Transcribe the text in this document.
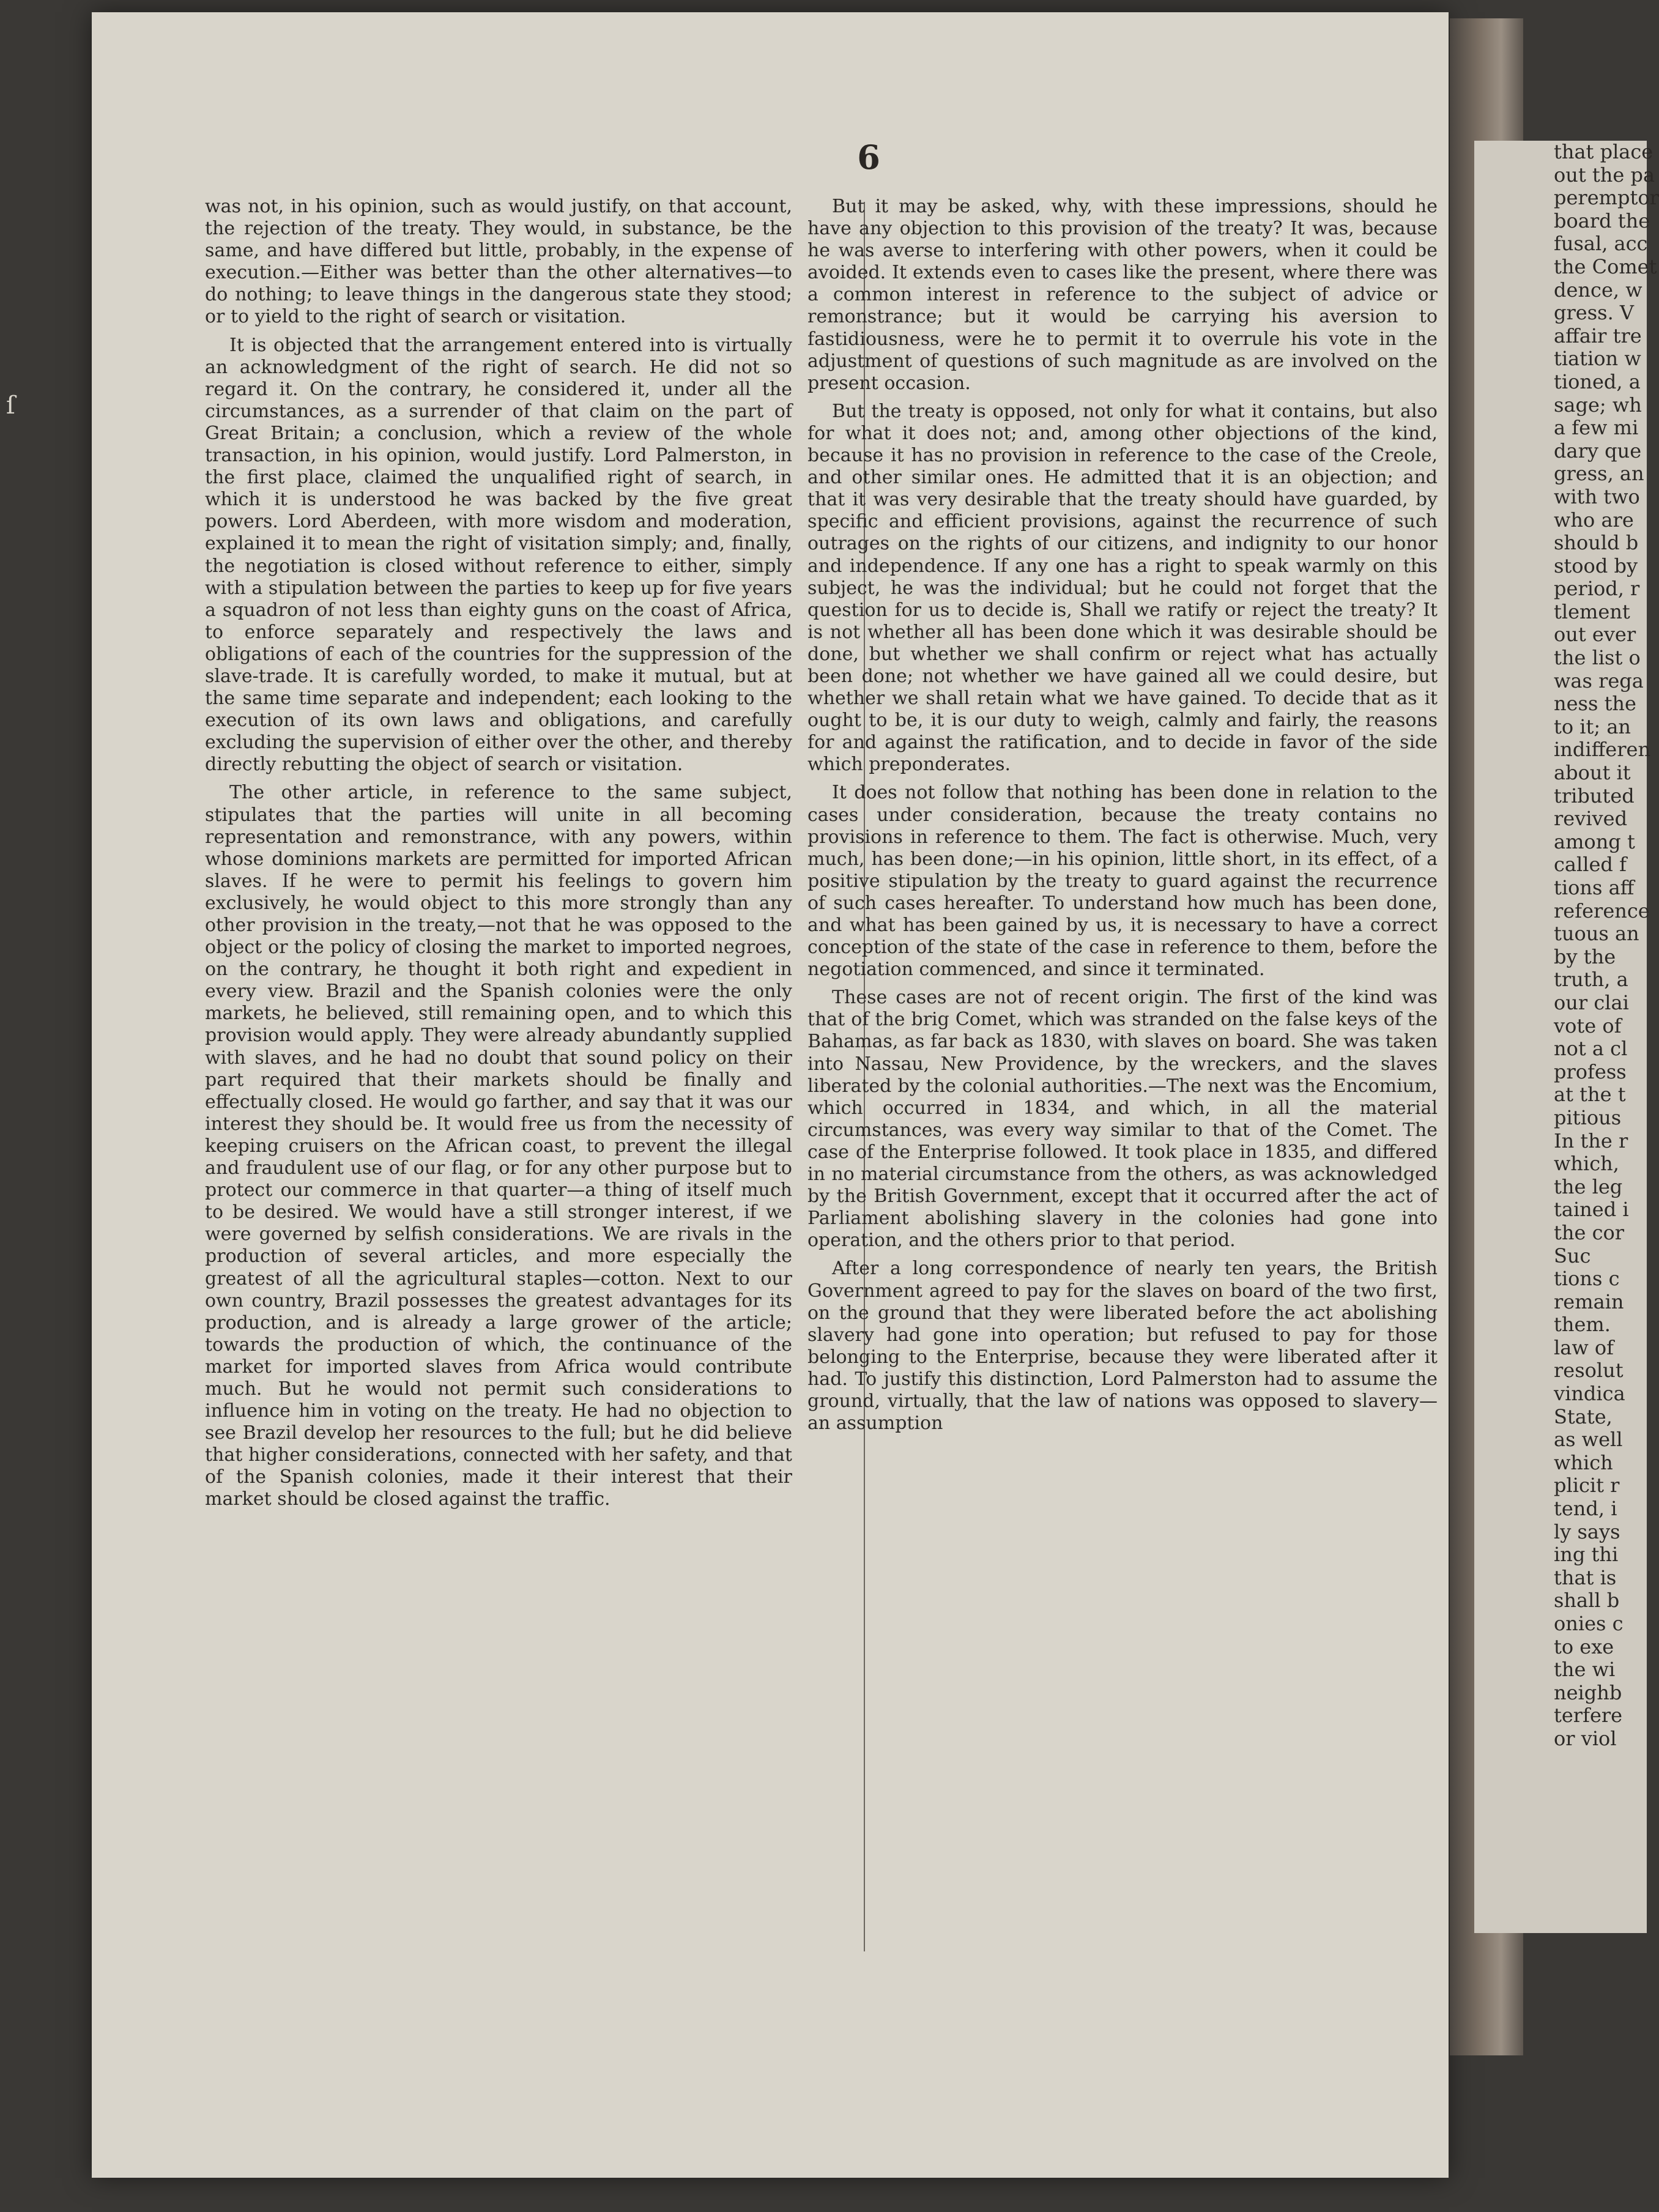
6

was not, in his opinion, such as would justify, on that account, the rejection of the treaty. They would, in substance, be the same, and have differed but little, probably, in the expense of execution.—Either was better than the other alternatives—to do nothing; to leave things in the dangerous state they stood; or to yield to the right of search or visitation.

It is objected that the arrangement entered into is virtually an acknowledgment of the right of search. He did not so regard it. On the contrary, he considered it, under all the circumstances, as a surrender of that claim on the part of Great Britain; a conclusion, which a review of the whole transaction, in his opinion, would justify. Lord Palmerston, in the first place, claimed the unqualified right of search, in which it is understood he was backed by the five great powers. Lord Aberdeen, with more wisdom and moderation, explained it to mean the right of visitation simply; and, finally, the negotiation is closed without reference to either, simply with a stipulation between the parties to keep up for five years a squadron of not less than eighty guns on the coast of Africa, to enforce separately and respectively the laws and obligations of each of the countries for the suppression of the slave-trade. It is carefully worded, to make it mutual, but at the same time separate and independent; each looking to the execution of its own laws and obligations, and carefully excluding the supervision of either over the other, and thereby directly rebutting the object of search or visitation.

The other article, in reference to the same subject, stipulates that the parties will unite in all becoming representation and remonstrance, with any powers, within whose dominions markets are permitted for imported African slaves. If he were to permit his feelings to govern him exclusively, he would object to this more strongly than any other provision in the treaty,—not that he was opposed to the object or the policy of closing the market to imported negroes, on the contrary, he thought it both right and expedient in every view. Brazil and the Spanish colonies were the only markets, he believed, still remaining open, and to which this provision would apply. They were already abundantly supplied with slaves, and he had no doubt that sound policy on their part required that their markets should be finally and effectually closed. He would go farther, and say that it was our interest they should be. It would free us from the necessity of keeping cruisers on the African coast, to prevent the illegal and fraudulent use of our flag, or for any other purpose but to protect our commerce in that quarter—a thing of itself much to be desired. We would have a still stronger interest, if we were governed by selfish considerations. We are rivals in the production of several articles, and more especially the greatest of all the agricultural staples—cotton. Next to our own country, Brazil possesses the greatest advantages for its production, and is already a large grower of the article; towards the production of which, the continuance of the market for imported slaves from Africa would contribute much. But he would not permit such considerations to influence him in voting on the treaty. He had no objection to see Brazil develop her resources to the full; but he did believe that higher considerations, connected with her safety, and that of the Spanish colonies, made it their interest that their market should be closed against the traffic.

But it may be asked, why, with these impressions, should he have any objection to this provision of the treaty? It was, because he was averse to interfering with other powers, when it could be avoided. It extends even to cases like the present, where there was a common interest in reference to the subject of advice or remonstrance; but it would be carrying his aversion to fastidiousness, were he to permit it to overrule his vote in the adjustment of questions of such magnitude as are involved on the present occasion.

But the treaty is opposed, not only for what it contains, but also for what it does not; and, among other objections of the kind, because it has no provision in reference to the case of the Creole, and other similar ones. He admitted that it is an objection; and that it was very desirable that the treaty should have guarded, by specific and efficient provisions, against the recurrence of such outrages on the rights of our citizens, and indignity to our honor and independence. If any one has a right to speak warmly on this subject, he was the individual; but he could not forget that the question for us to decide is, Shall we ratify or reject the treaty? It is not whether all has been done which it was desirable should be done, but whether we shall confirm or reject what has actually been done; not whether we have gained all we could desire, but whether we shall retain what we have gained. To decide that as it ought to be, it is our duty to weigh, calmly and fairly, the reasons for and against the ratification, and to decide in favor of the side which preponderates.

It does not follow that nothing has been done in relation to the cases under consideration, because the treaty contains no provisions in reference to them. The fact is otherwise. Much, very much, has been done;—in his opinion, little short, in its effect, of a positive stipulation by the treaty to guard against the recurrence of such cases hereafter. To understand how much has been done, and what has been gained by us, it is necessary to have a correct conception of the state of the case in reference to them, before the negotiation commenced, and since it terminated.

These cases are not of recent origin. The first of the kind was that of the brig Comet, which was stranded on the false keys of the Bahamas, as far back as 1830, with slaves on board. She was taken into Nassau, New Providence, by the wreckers, and the slaves liberated by the colonial authorities.—The next was the Encomium, which occurred in 1834, and which, in all the material circumstances, was every way similar to that of the Comet. The case of the Enterprise followed. It took place in 1835, and differed in no material circumstance from the others, as was acknowledged by the British Government, except that it occurred after the act of Parliament abolishing slavery in the colonies had gone into operation, and the others prior to that period.

After a long correspondence of nearly ten years, the British Government agreed to pay for the slaves on board of the two first, on the ground that they were liberated before the act abolishing slavery had gone into operation; but refused to pay for those belonging to the Enterprise, because they were liberated after it had. To justify this distinction, Lord Palmerston had to assume the ground, virtually, that the law of nations was opposed to slavery—an assumption

ſ
that place
out the pa
peremptor
board the
fusal, acc
the Comet
dence, w
gress. V
affair tre
tiation w
tioned, a
sage; wh
a few mi
dary que
gress, an
with two
who are
should b
stood by
period, r
tlement
out ever
the list o
was rega
ness the
to it; an
indifferen
about it
tributed
revived
among t
called f
tions aff
reference
tuous an
by the
truth, a
our clai
vote of
not a cl
profess
at the t
pitious
In the r
which,
the leg
tained i
the cor
Suc
tions c
remain
them.
law of
resolut
vindica
State,
as well
which
plicit r
tend, i
ly says
ing thi
that is
shall b
onies c
to exe
the wi
neighb
terfere
or viol
